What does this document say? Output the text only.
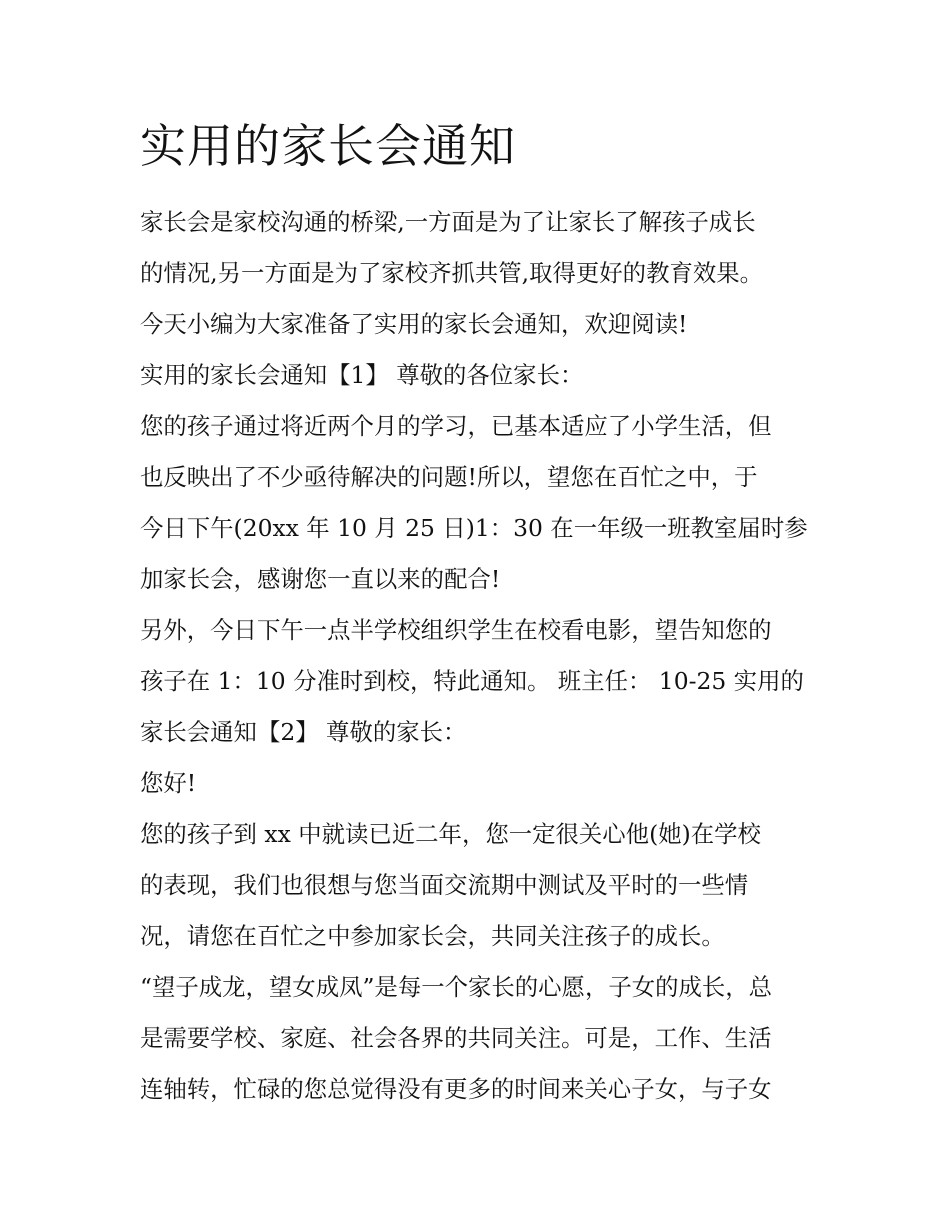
实用的家长会通知
家长会是家校沟通的桥梁,一方面是为了让家长了解孩子成长
的情况,另一方面是为了家校齐抓共管,取得更好的教育效果。
今天小编为大家准备了实用的家长会通知，欢迎阅读!
实用的家长会通知【1】 尊敬的各位家长：
您的孩子通过将近两个月的学习，已基本适应了小学生活，但
也反映出了不少亟待解决的问题!所以，望您在百忙之中，于
今日下午(20xx 年 10 月 25 日)1：30 在一年级一班教室届时参
加家长会，感谢您一直以来的配合!
另外，今日下午一点半学校组织学生在校看电影，望告知您的
孩子在 1：10 分准时到校，特此通知。 班主任： 10-25 实用的
家长会通知【2】 尊敬的家长：
您好!
您的孩子到 xx 中就读已近二年，您一定很关心他(她)在学校
的表现，我们也很想与您当面交流期中测试及平时的一些情
况，请您在百忙之中参加家长会，共同关注孩子的成长。
“望子成龙，望女成凤”是每一个家长的心愿，子女的成长，总
是需要学校、家庭、社会各界的共同关注。可是，工作、生活
连轴转，忙碌的您总觉得没有更多的时间来关心子女，与子女
